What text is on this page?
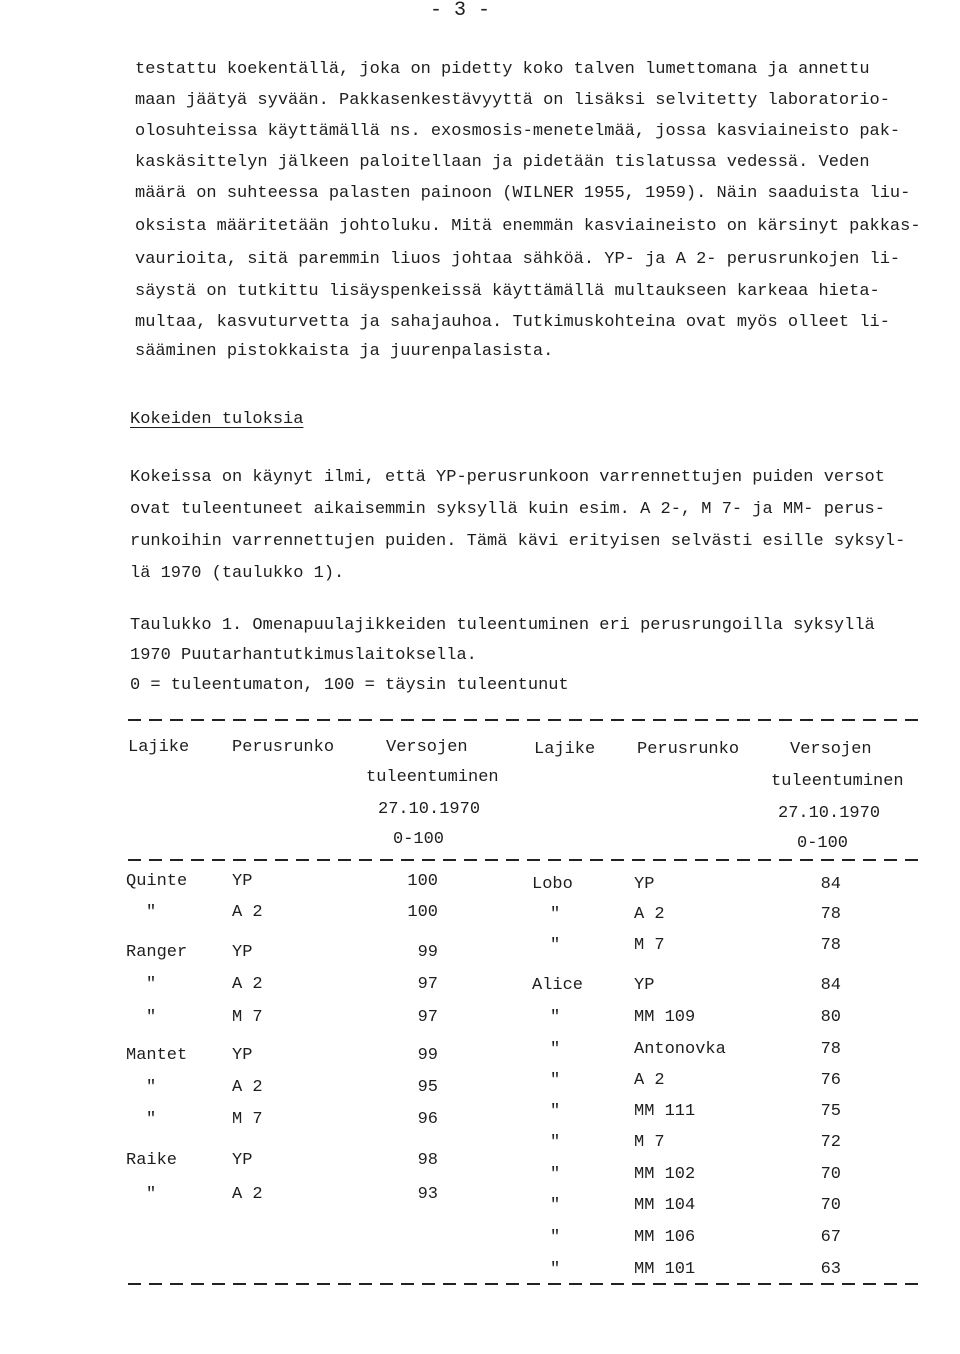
- 3 -
testattu koekentällä, joka on pidetty koko talven lumettomana ja annettu
maan jäätyä syvään. Pakkasenkestävyyttä on lisäksi selvitetty laboratorio-
olosuhteissa käyttämällä ns. exosmosis-menetelmää, jossa kasviaineisto pak-
kaskäsittelyn jälkeen paloitellaan ja pidetään tislatussa vedessä. Veden
määrä on suhteessa palasten painoon (WILNER 1955, 1959). Näin saaduista liu-
oksista määritetään johtoluku. Mitä enemmän kasviaineisto on kärsinyt pakkas-
vaurioita, sitä paremmin liuos johtaa sähköä. YP- ja A 2- perusrunkojen li-
säystä on tutkittu lisäyspenkeissä käyttämällä multaukseen karkeaa hieta-
multaa, kasvuturvetta ja sahajauhoa. Tutkimuskohteina ovat myös olleet li-
sääminen pistokkaista ja juurenpalasista.
Kokeiden tuloksia
Kokeissa on käynyt ilmi, että YP-perusrunkoon varrennettujen puiden versot
ovat tuleentuneet aikaisemmin syksyllä kuin esim. A 2-, M 7- ja MM- perus-
runkoihin varrennettujen puiden. Tämä kävi erityisen selvästi esille syksyl-
lä 1970 (taulukko 1).
Taulukko 1. Omenapuulajikkeiden tuleentuminen eri perusrungoilla syksyllä
1970 Puutarhantutkimuslaitoksella.
0 = tuleentumaton, 100 = täysin tuleentunut
Lajike	Perusrunko	Versojen
tuleentuminen
27.10.1970
0-100
Lajike Perusrunko	Versojen
tuleentuminen
27.10.1970
0-100
Quinte	YP	100
"	A 2	100
Ranger	YP	99
"	A 2	97
"	M 7	97
Mantet	YP	99
"	A 2	95
"	M 7	96
Raike	YP	98
"	A 2	93
Lobo	YP	84
"	A 2	78
"	M 7	78
Alice	YP	84
"	MM 109	80
"	Antonovka	78
"	A 2	76
"	MM 111	75
"	M 7	72
"	MM 102	70
"	MM 104	70
"	MM 106	67
"	MM 101	63
